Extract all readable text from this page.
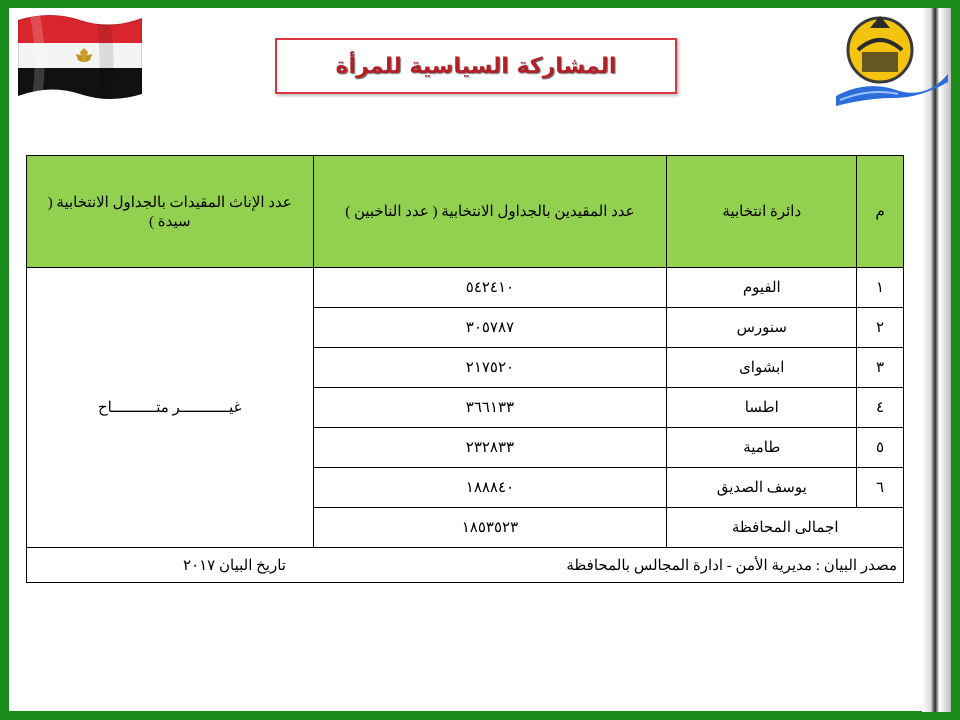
المشاركة السياسية للمرأة
م	دائرة انتخابية	عدد المقيدين بالجداول الانتخابية ( عدد الناخبين )	عدد الإناث المقيدات بالجداول الانتخابية ( سيدة )
١	الفيوم	٥٤٢٤١٠	غيـــــــــــر متــــــــــاح
٢	سنورس	٣٠٥٧٨٧	
٣	ابشواى	٢١٧٥٢٠	
٤	اطسا	٣٦٦١٣٣	
٥	طامية	٢٣٢٨٣٣	
٦	يوسف الصديق	١٨٨٨٤٠	
اجمالى المحافظة		١٨٥٣٥٢٣	

مصدر البيان : مديرية الأمن - ادارة المجالس بالمحافظة
تاريخ البيان ٢٠١٧			
